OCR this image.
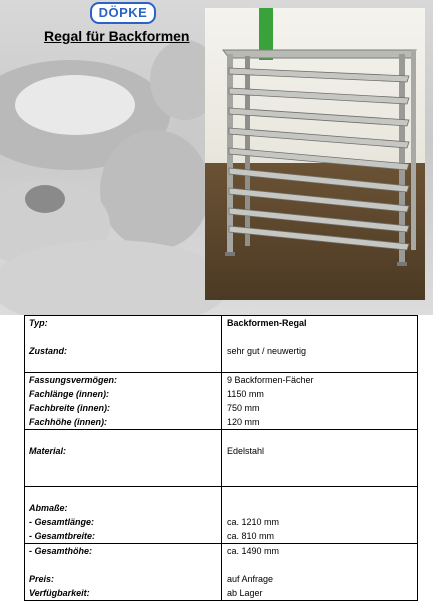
DÖPKE
Regal für Backformen
Typ:	Backformen-Regal

Zustand:	sehr gut / neuwertig

Fassungsvermögen:	9 Backformen-Fächer
Fachlänge (innen):	1150 mm
Fachbreite (innen):	750 mm
Fachhöhe (innen):	120 mm

Material:	Edelstahl

Abmaße:	
- Gesamtlänge:	ca. 1210 mm
- Gesamtbreite:	ca. 810 mm
- Gesamthöhe:	ca. 1490 mm

Preis:	auf Anfrage
Verfügbarkeit:	ab Lager
